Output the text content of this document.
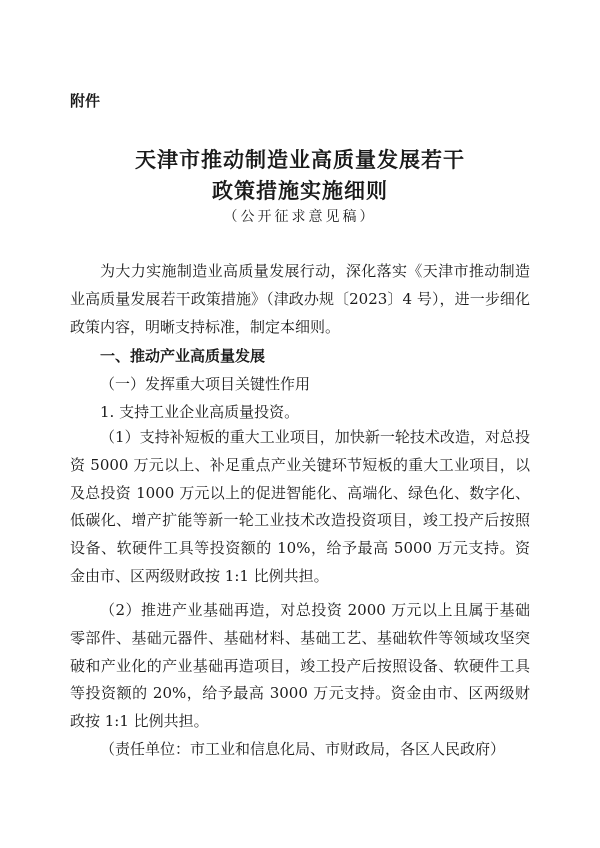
附件
天津市推动制造业高质量发展若干
政策措施实施细则
（公开征求意见稿）

为大力实施制造业高质量发展行动，深化落实《天津市推动制造业高质量发展若干政策措施》（津政办规〔2023〕4 号），进一步细化政策内容，明晰支持标准，制定本细则。

一、推动产业高质量发展
（一）发挥重大项目关键性作用
1. 支持工业企业高质量投资。

（1）支持补短板的重大工业项目，加快新一轮技术改造，对总投资 5000 万元以上、补足重点产业关键环节短板的重大工业项目，以及总投资 1000 万元以上的促进智能化、高端化、绿色化、数字化、低碳化、增产扩能等新一轮工业技术改造投资项目，竣工投产后按照设备、软硬件工具等投资额的 10%，给予最高 5000 万元支持。资金由市、区两级财政按 1:1 比例共担。

（2）推进产业基础再造，对总投资 2000 万元以上且属于基础零部件、基础元器件、基础材料、基础工艺、基础软件等领域攻坚突破和产业化的产业基础再造项目，竣工投产后按照设备、软硬件工具等投资额的 20%，给予最高 3000 万元支持。资金由市、区两级财政按 1:1 比例共担。

（责任单位：市工业和信息化局、市财政局，各区人民政府）
